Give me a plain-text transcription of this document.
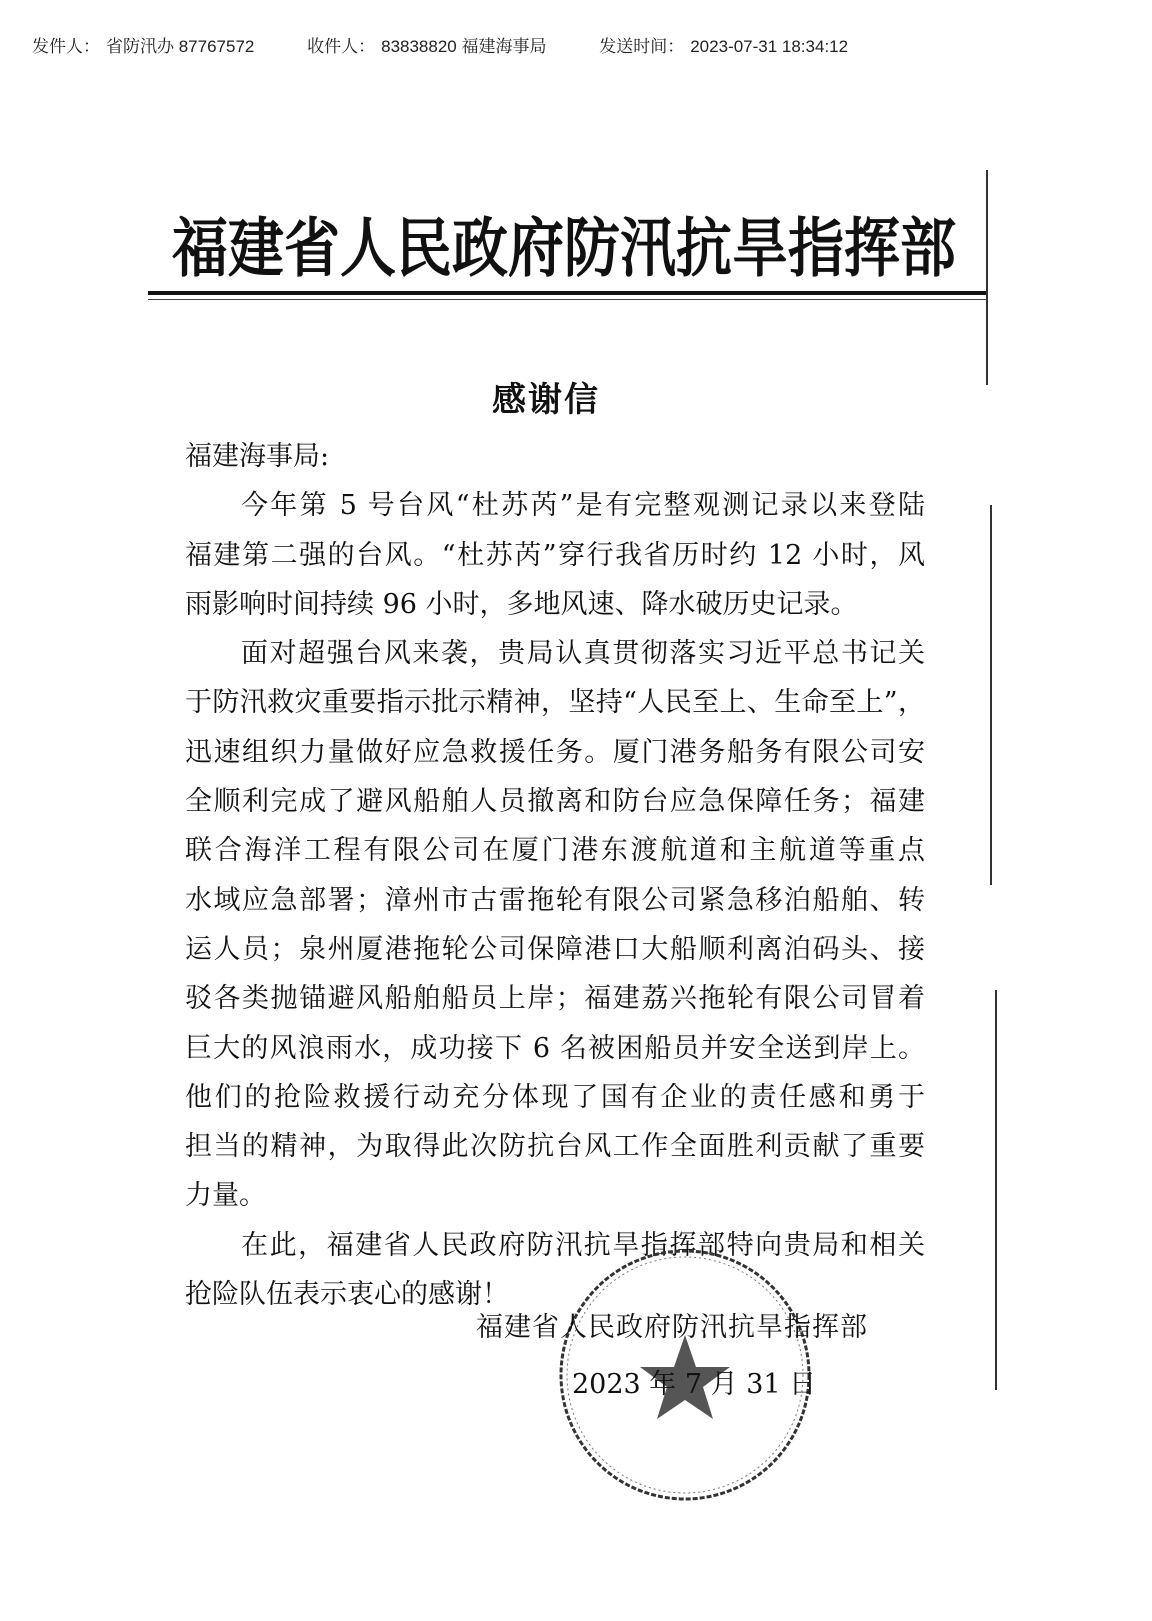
发件人： 省防汛办 87767572	收件人： 83838820 福建海事局	发送时间： 2023-07-31 18:34:12
福建省人民政府防汛抗旱指挥部
感谢信
福建海事局:
今年第 5 号台风“杜苏芮”是有完整观测记录以来登陆
福建第二强的台风。“杜苏芮”穿行我省历时约 12 小时，风
雨影响时间持续 96 小时，多地风速、降水破历史记录。
面对超强台风来袭，贵局认真贯彻落实习近平总书记关
于防汛救灾重要指示批示精神，坚持“人民至上、生命至上”，
迅速组织力量做好应急救援任务。厦门港务船务有限公司安
全顺利完成了避风船舶人员撤离和防台应急保障任务；福建
联合海洋工程有限公司在厦门港东渡航道和主航道等重点
水域应急部署；漳州市古雷拖轮有限公司紧急移泊船舶、转
运人员；泉州厦港拖轮公司保障港口大船顺利离泊码头、接
驳各类抛锚避风船舶船员上岸；福建荔兴拖轮有限公司冒着
巨大的风浪雨水，成功接下 6 名被困船员并安全送到岸上。
他们的抢险救援行动充分体现了国有企业的责任感和勇于
担当的精神，为取得此次防抗台风工作全面胜利贡献了重要
力量。
在此，福建省人民政府防汛抗旱指挥部特向贵局和相关
抢险队伍表示衷心的感谢！
福建省人民政府防汛抗旱指挥部
2023 年 7 月 31 日
